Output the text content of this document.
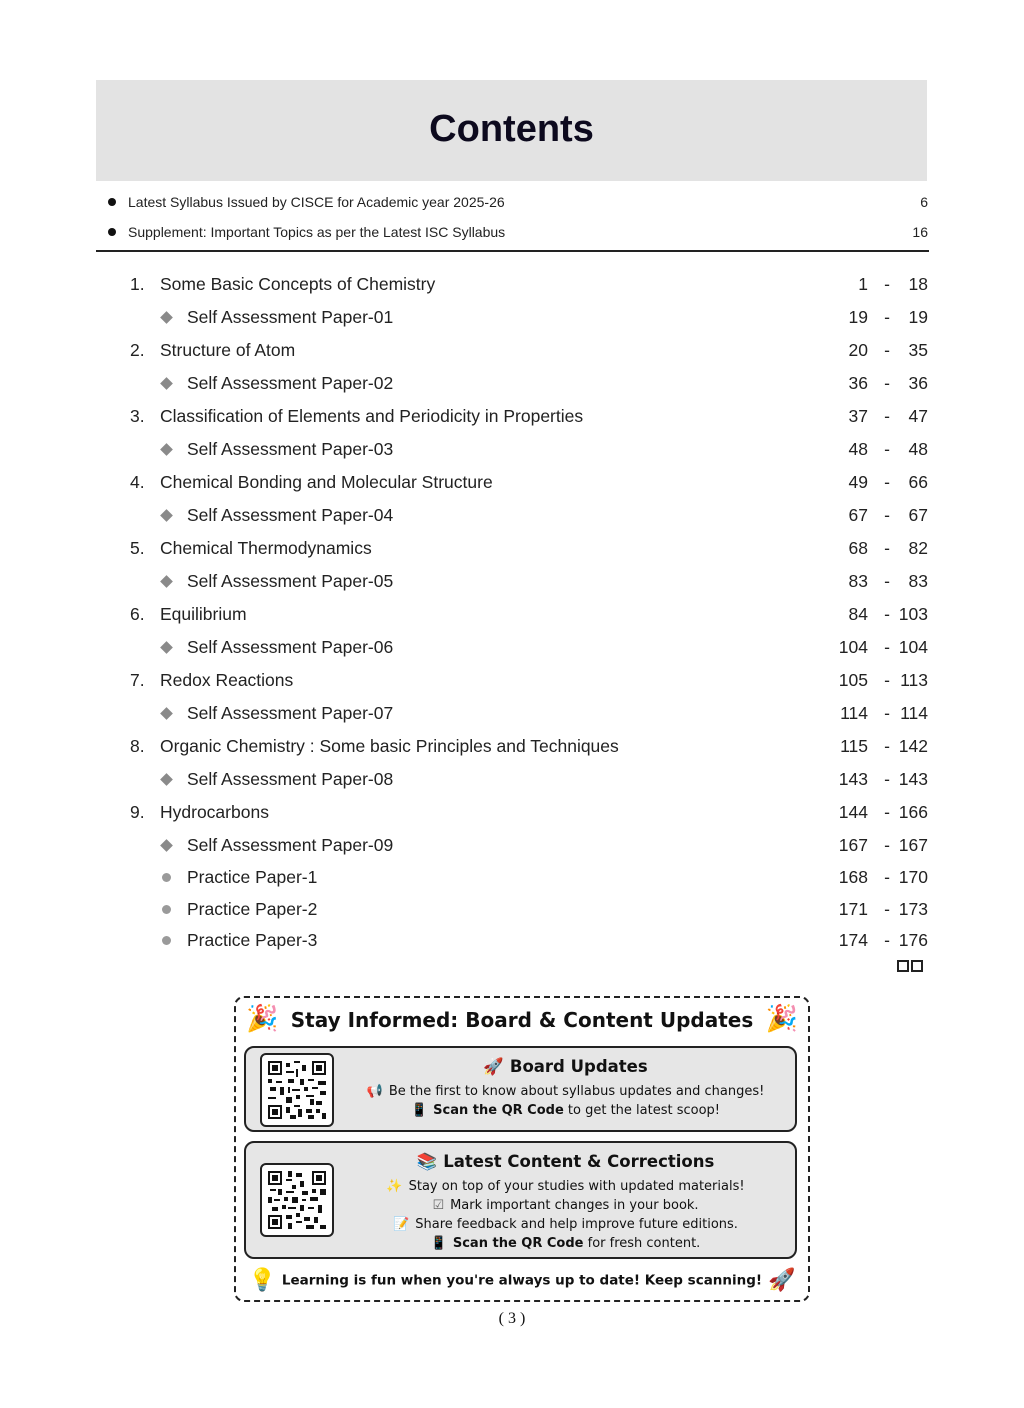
Contents
Latest Syllabus Issued by CISCE for Academic year 2025-26	6
Supplement: Important Topics as per the Latest ISC Syllabus	16
1. Some Basic Concepts of Chemistry	1 - 18
Self Assessment Paper-01	19 - 19
2. Structure of Atom	20 - 35
Self Assessment Paper-02	36 - 36
3. Classification of Elements and Periodicity in Properties	37 - 47
Self Assessment Paper-03	48 - 48
4. Chemical Bonding and Molecular Structure	49 - 66
Self Assessment Paper-04	67 - 67
5. Chemical Thermodynamics	68 - 82
Self Assessment Paper-05	83 - 83
6. Equilibrium	84 - 103
Self Assessment Paper-06	104 - 104
7. Redox Reactions	105 - 113
Self Assessment Paper-07	114 - 114
8. Organic Chemistry : Some basic Principles and Techniques	115 - 142
Self Assessment Paper-08	143 - 143
9. Hydrocarbons	144 - 166
Self Assessment Paper-09	167 - 167
Practice Paper-1	168 - 170
Practice Paper-2	171 - 173
Practice Paper-3	174 - 176
🎉 Stay Informed: Board & Content Updates 🎉
🚀 Board Updates
📢 Be the first to know about syllabus updates and changes!
📱 Scan the QR Code to get the latest scoop!
📚 Latest Content & Corrections
✨ Stay on top of your studies with updated materials!
☑ Mark important changes in your book.
📝 Share feedback and help improve future editions.
📱 Scan the QR Code for fresh content.
💡 Learning is fun when you're always up to date! Keep scanning! 🚀
( 3 )
